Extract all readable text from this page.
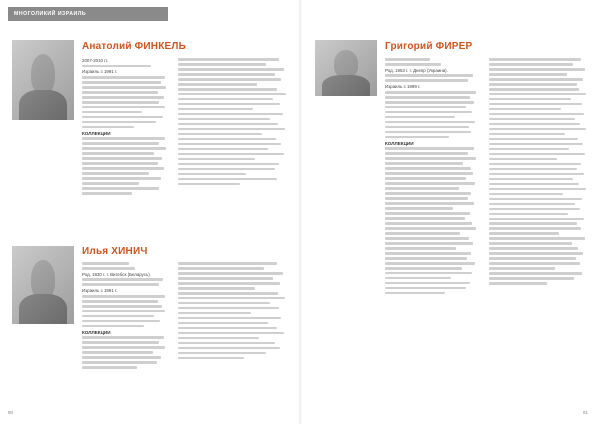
МНОГОЛИКИЙ ИЗРАИЛЬ
Анатолий ФИНКЕЛЬ
2007-2010 гг.
Израиль с 1991 г.
КОЛЛЕКЦИИ
Илья ХИНИЧ
Род. 1930 г. г. Витебск (Беларусь).
Израиль с 1991 г.
КОЛЛЕКЦИИ
80
Григорий ФИРЕР
Род. 1953 г. г. Днепр (Украина).
Израиль с 1999 г.
КОЛЛЕКЦИИ
81
